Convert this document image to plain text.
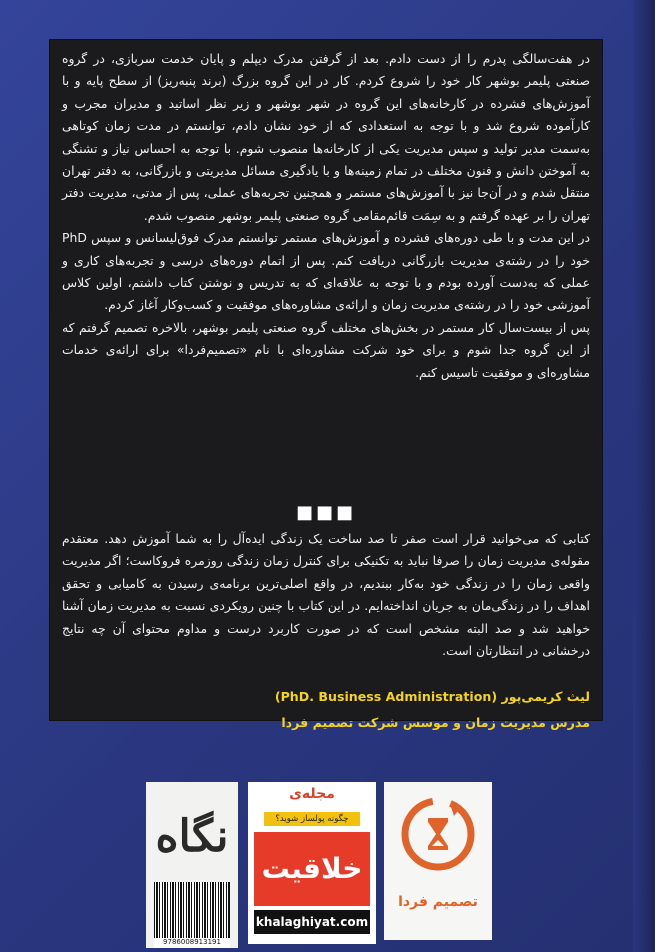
در هفت‌سالگی پدرم را از دست دادم. بعد از گرفتن مدرک دیپلم و پایان خدمت سربازی، در گروه صنعتی پلیمر بوشهر کار خود را شروع کردم. کار در این گروه بزرگ (برند پنبه‌ریز) از سطح پایه و با آموزش‌های فشرده در کارخانه‌های این گروه در شهر بوشهر و زیر نظر اساتید و مدیران مجرب و کارآموده شروع شد و با توجه به استعدادی که از خود نشان دادم، توانستم در مدت زمان کوتاهی به‌سمت مدیر تولید و سپس مدیریت یکی از کارخانه‌ها منصوب شوم. با توجه به احساس نیاز و تشنگی به آموختن دانش و فنون مختلف در تمام زمینه‌ها و با یادگیری مسائل مدیریتی و بازرگانی، به دفتر تهران منتقل شدم و در آن‌جا نیز با آموزش‌های مستمر و همچنین تجربه‌های عملی، پس از مدتی، مدیریت دفتر تهران را بر عهده گرفتم و به سِمَت قائم‌مقامی گروه صنعتی پلیمر بوشهر منصوب شدم.

در این مدت و با طی دوره‌های فشرده و آموزش‌های مستمر توانستم مدرک فوق‌لیسانس و سپس PhD خود را در رشته‌ی مدیریت بازرگانی دریافت کنم. پس از اتمام دوره‌های درسی و تجربه‌های کاری و عملی که به‌دست آورده بودم و با توجه به علاقه‌ای که به تدریس و نوشتن کتاب داشتم، اولین کلاس آموزشی خود را در رشته‌ی مدیریت زمان و ارائه‌ی مشاوره‌های موفقیت و کسب‌وکار آغاز کردم.

پس از بیست‌سال کار مستمر در بخش‌های مختلف گروه صنعتی پلیمر بوشهر، بالاخره تصمیم گرفتم که از این گروه جدا شوم و برای خود شرکت مشاوره‌ای با نام «تصمیم‌فردا» برای ارائه‌ی خدمات مشاوره‌ای و موفقیت تاسیس کنم.

■■■
کتابی که می‌خوانید قرار است صفر تا صد ساخت یک زندگی ایده‌آل را به شما آموزش دهد. معتقدم مقوله‌ی مدیریت زمان را صرفا نباید به تکنیکی برای کنترل زمان زندگی روزمره فروکاست؛ اگر مدیریت واقعی زمان را در زندگی خود به‌کار ببندیم، در واقع اصلی‌ترین برنامه‌ی رسیدن به کامیابی و تحقق اهداف را در زندگی‌مان به جریان انداخته‌ایم. در این کتاب با چنین رویکردی نسبت به مدیریت زمان آشنا خواهید شد و صد البته مشخص است که در صورت کاربرد درست و مداوم محتوای آن چه نتایج درخشانی در انتظارتان است.
لیث کریمی‌پور (PhD. Business Administration)
مدرس مدیریت زمان و موسس شرکت تصمیم فردا
نگاه
9786008913191
مجله‌ی
چگونه پولساز شوید؟
خلاقیت
khalaghiyat.com
تصمیم فردا
